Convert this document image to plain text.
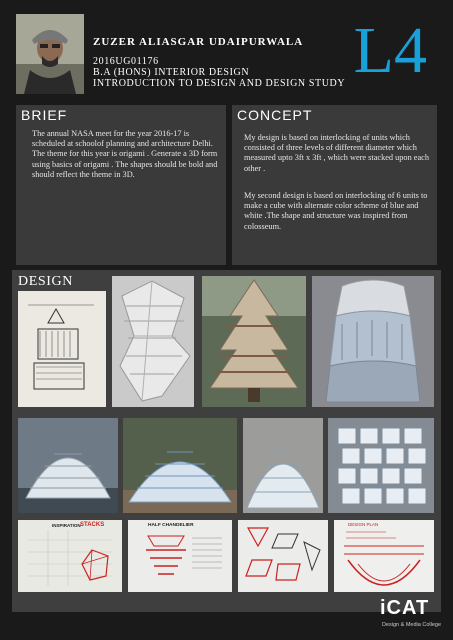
ZUZER ALIASGAR UDAIPURWALA
2016UG01176
B.A (HONS) INTERIOR DESIGN
INTRODUCTION TO DESIGN AND DESIGN STUDY L4
BRIEF
The annual NASA meet for the year 2016-17 is scheduled at schoolof planning and architecture Delhi. The theme for this year is origami . Generate a 3D form using basics of origami . The shapes should be bold and should reflect the theme in 3D.
CONCEPT
My design is based on interlocking of units which consisted of three levels of different diameter which measured upto 3ft x 3ft , which were stacked upon each other .
My second design is based on interlocking of 6 units to make a cube with alternate color scheme of blue and white .The shape and structure was inspired from colosseum.
DESIGN
INSPIRATION STACKS	HALF CHANDELIER	DESIGN PLAN
iCAT
Design & Media College
